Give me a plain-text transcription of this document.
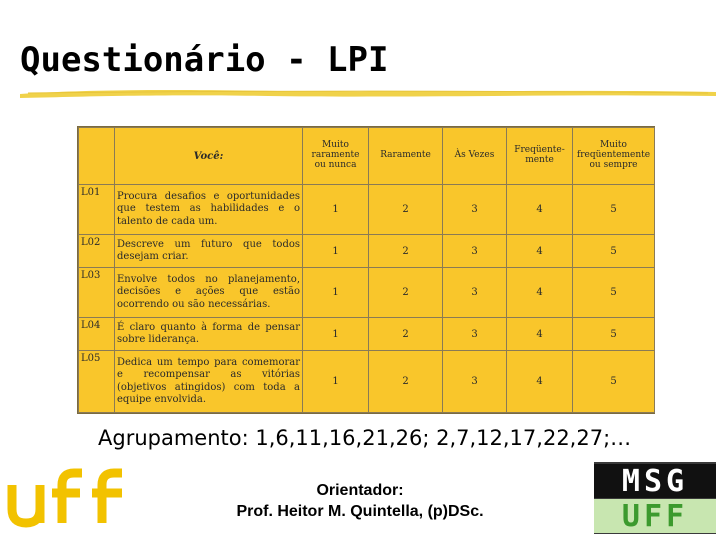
Questionário - LPI
	Você:	Muito raramente ou nunca	Raramente	Às Vezes	Freqüente-mente	Muito freqüentemente ou sempre
L01	Procura desafios e oportunidades que testem as habilidades e o talento de cada um.	1	2	3	4	5
L02	Descreve um futuro que todos desejam criar.	1	2	3	4	5
L03	Envolve todos no planejamento, decisões e ações que estão ocorrendo ou são necessárias.	1	2	3	4	5
L04	É claro quanto à forma de pensar sobre liderança.	1	2	3	4	5
L05	Dedica um tempo para comemorar e recompensar as vitórias (objetivos atingidos) com toda a equipe envolvida.	1	2	3	4	5
Agrupamento: 1,6,11,16,21,26; 2,7,12,17,22,27;…
Orientador:
Prof. Heitor M. Quintella, (p)DSc.
uff
MSG
UFF
